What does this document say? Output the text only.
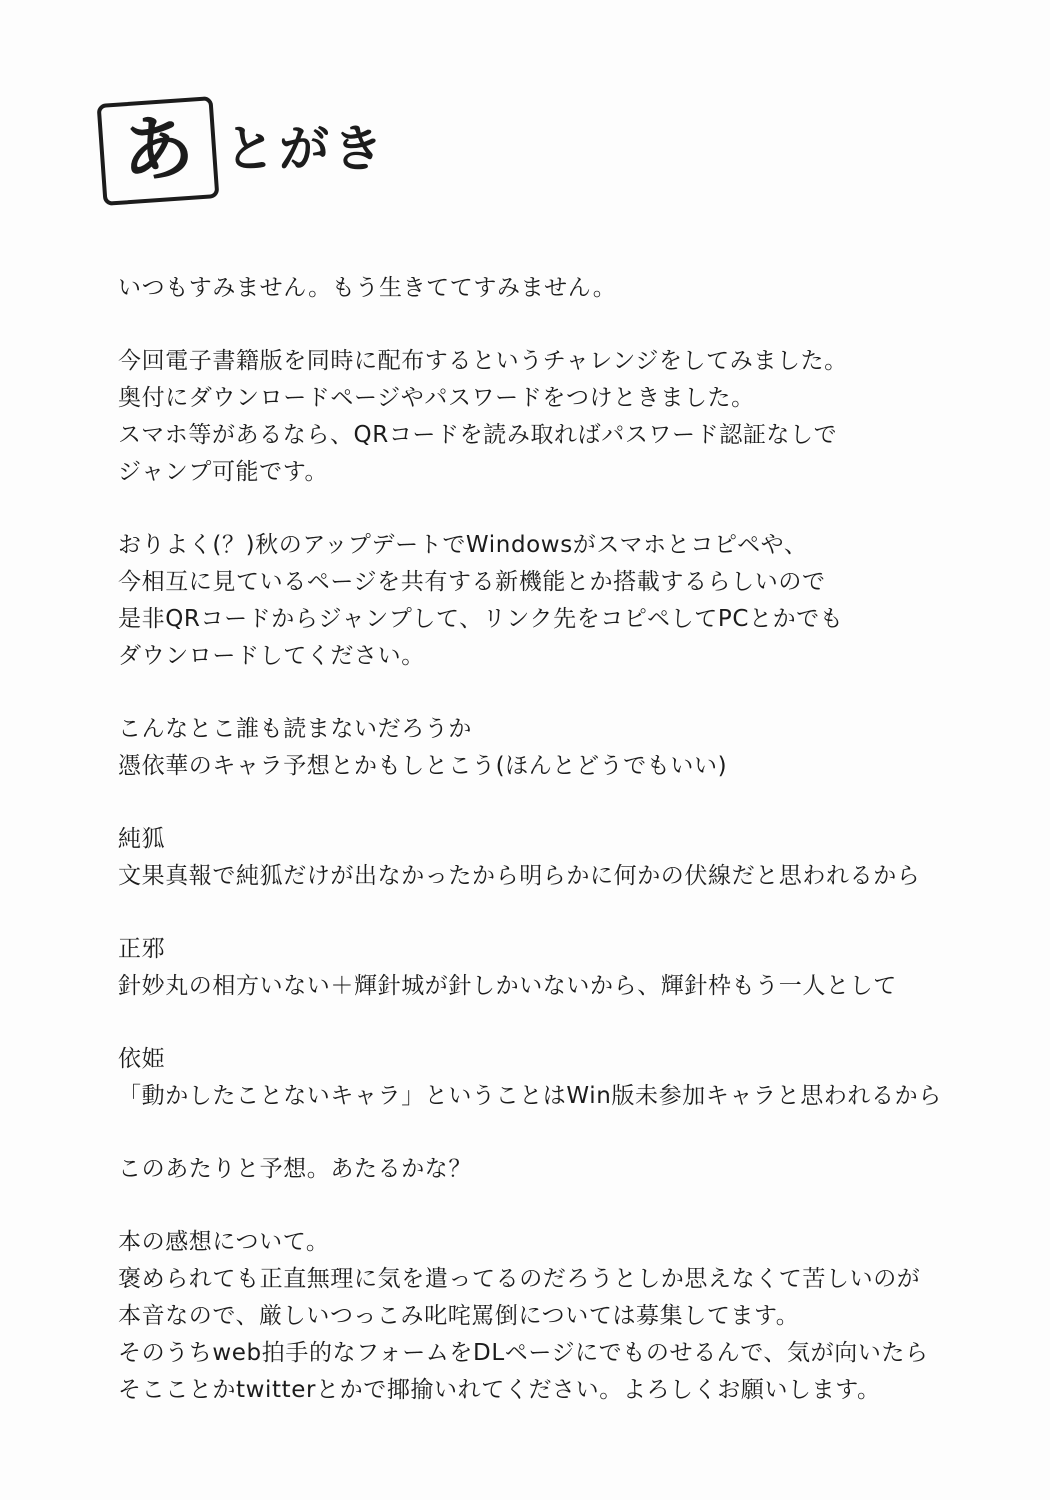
あ とがき
いつもすみません。もう生きててすみません。
今回電子書籍版を同時に配布するというチャレンジをしてみました。
奥付にダウンロードページやパスワードをつけときました。
スマホ等があるなら、QRコードを読み取ればパスワード認証なしで
ジャンプ可能です。
おりよく(？)秋のアップデートでWindowsがスマホとコピペや、
今相互に見ているページを共有する新機能とか搭載するらしいので
是非QRコードからジャンプして、リンク先をコピペしてPCとかでも
ダウンロードしてください。
こんなとこ誰も読まないだろうか
憑依華のキャラ予想とかもしとこう(ほんとどうでもいい)
純狐
文果真報で純狐だけが出なかったから明らかに何かの伏線だと思われるから
正邪
針妙丸の相方いない＋輝針城が針しかいないから、輝針枠もう一人として
依姫
「動かしたことないキャラ」ということはWin版未参加キャラと思われるから
このあたりと予想。あたるかな？
本の感想について。
褒められても正直無理に気を遣ってるのだろうとしか思えなくて苦しいのが
本音なので、厳しいつっこみ叱咤罵倒については募集してます。
そのうちweb拍手的なフォームをDLページにでものせるんで、気が向いたら
そこことかtwitterとかで揶揄いれてください。よろしくお願いします。
